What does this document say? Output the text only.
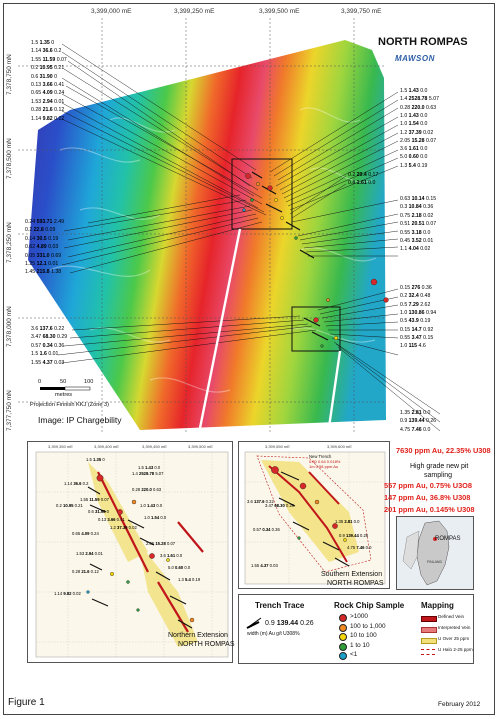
3,399,000 mE	3,399,250 mE	3,399,500 mE	3,399,750 mE
7,378,750 mN
7,378,500 mN
7,378,250 mN
7,378,000 mN
7,377,750 mN
NORTH ROMPAS
MAWSON
1.5 1.35 0
1.14 36.6 0.2
1.55 11.59 0.07
0.2 10.95 0.21
0.6 31.90 0
0.13 3.66 0.41
0.65 4.09 0.24
1.53 2.94 0.01
0.28 21.6 0.12
1.14 9.82 0.02
0.24 593.71 2.49
0.2 22.8 0.09
0.14 30.5 0.19
0.62 4.89 0.03
0.05 331.0 0.69
1.25 12.1 0.01
1.45 215.8 1.38
3.6 137.6 0.22
3.47 68.30 0.29
0.57 0.34 0.36
1.5 1.6 0.01
1.55 4.37 0.03
1.5 1.43 0.0
1.4 2528.78 5.07
0.28 220.0 0.63
1.0 1.43 0.0
1.0 1.54 0.0
1.2 37.39 0.02
2.05 15.28 0.07
3.6 1.61 0.0
5.0 0.60 0.0
1.3 5.4 0.19
0.2 29.4 0.17
0.8 1.61 0.0
0.63 10.14 0.15
0.3 10.84 0.36
0.75 2.18 0.02
0.51 20.51 0.07
0.55 3.18 0.0
0.45 3.52 0.01
1.1 4.04 0.02
0.15 276 0.36
0.2 32.4 0.48
0.5 7.29 2.62
1.0 130.86 0.94
0.5 43.9 0.19
0.15 14.7 0.92
0.55 3.47 0.15
1.0 115 4.6
1.35 2.81 0.0
0.9 139.44 0.26
4.75 7.46 0.0
0	50	100
metres
Projection Finnish KKJ (Zone 3)
Image: IP Chargebility
3,399,350 mE	3,399,400 mE	3,399,450 mE	3,399,500 mE
1.5 1.35 0
1.14 36.6 0.2
1.55 11.59 0.07
0.2 10.95 0.21
0.6 31.90 0
0.13 3.66 0.41
0.65 4.09 0.24
1.53 2.94 0.01
0.28 21.6 0.12
1.14 9.82 0.02
1.5 1.43 0.0
1.4 2528.78 5.07
0.28 220.0 0.63
1.0 1.43 0.0
1.0 1.54 0.0
1.2 37.39 0.02
2.05 15.28 0.07
3.6 1.61 0.0
5.0 0.60 0.0
1.3 5.4 0.19
Northern Extension
NORTH ROMPAS
3,399,550 mE	3,399,600 mE
New Trench
0.80 0.64 0.018%
1m 0.58 ppm Au
3.6 137.6 0.22
3.47 68.30 0.29
0.57 0.34 0.36
1.55 4.37 0.03
1.35 2.81 0.0
0.9 139.44 0.26
4.75 7.46 0.0
Southern Extension
NORTH ROMPAS
7630 ppm Au, 22.35% U308
High grade new pit
sampling
557 ppm Au, 0.75% U3O8
147 ppm Au, 36.8% U308
201 ppm Au, 0.145% U308
ROMPAS
FINLAND
Trench Trace
0.9 139.44 0.26
width (m) Au g/t U308%
Rock Chip Sample
>1000
100 to 1,000
10 to 100
1 to 10
<1
Mapping
Defined Vein
Interpreted Vein
U Over 25 ppm
U Halo 2-25 ppm
Figure 1	February 2012
